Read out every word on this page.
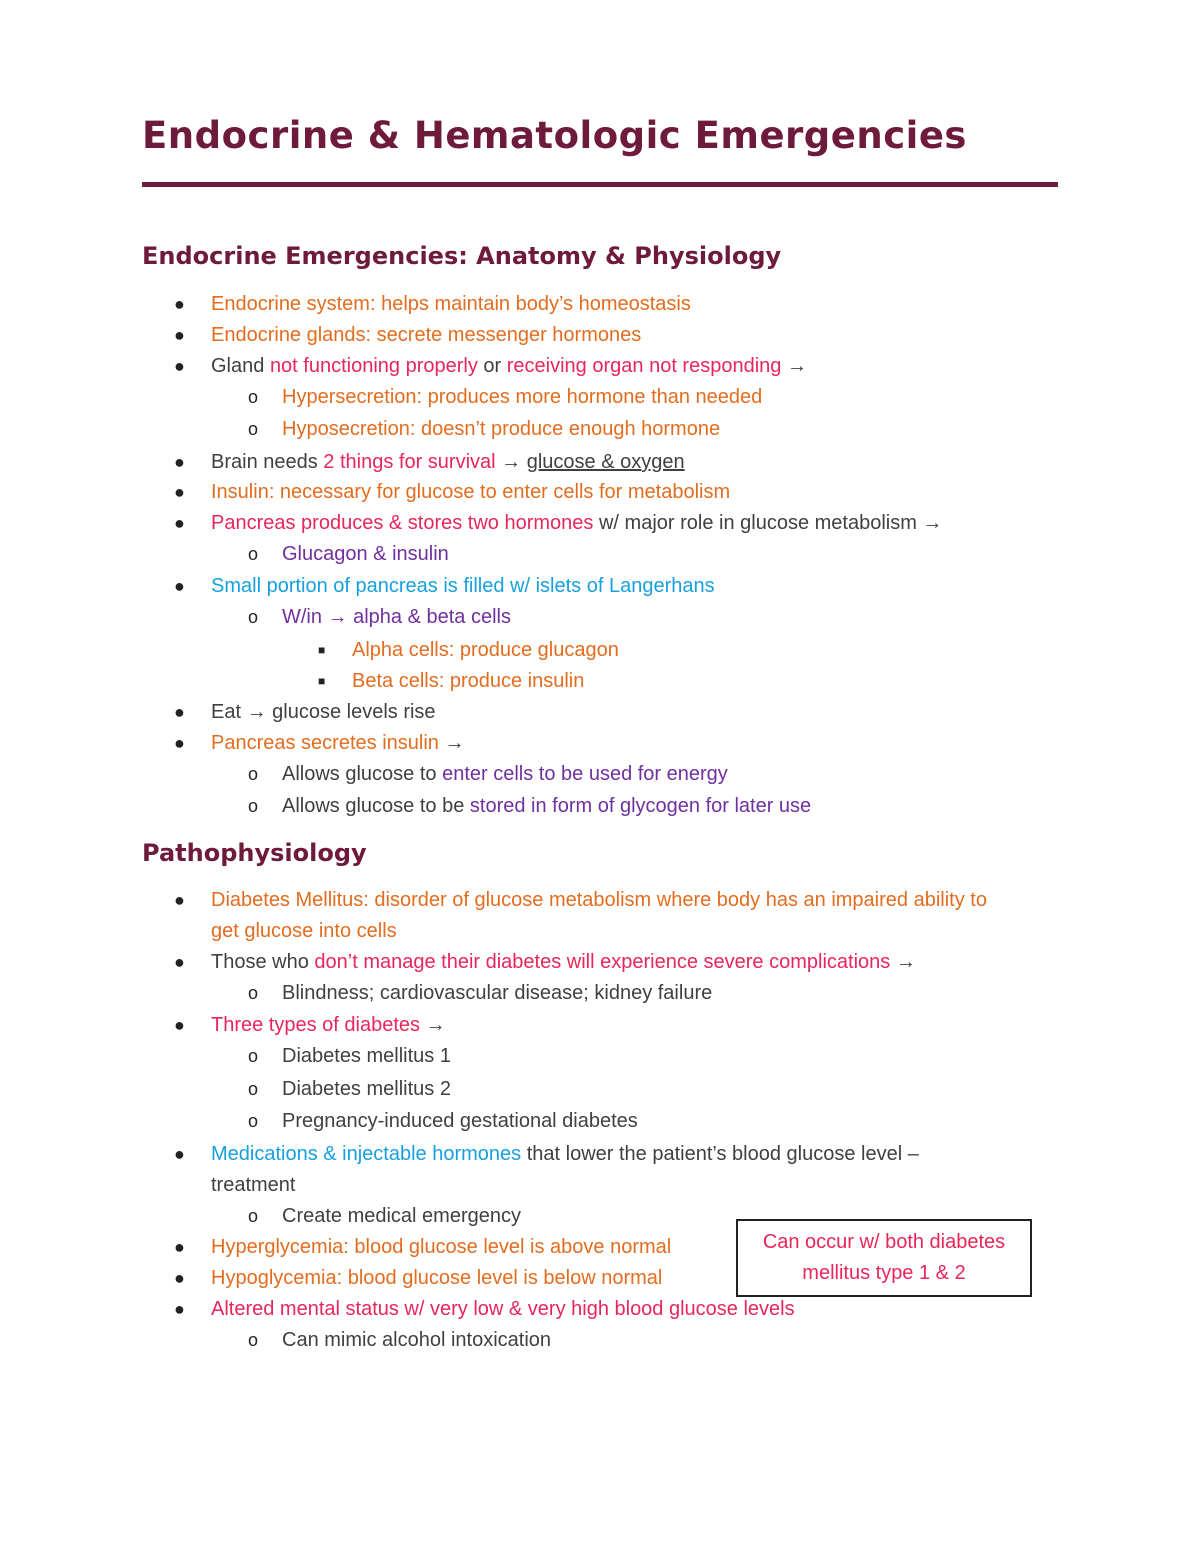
Endocrine & Hematologic Emergencies
Endocrine Emergencies: Anatomy & Physiology
● Endocrine system: helps maintain body’s homeostasis
● Endocrine glands: secrete messenger hormones
● Gland not functioning properly or receiving organ not responding →
o Hypersecretion: produces more hormone than needed
o Hyposecretion: doesn’t produce enough hormone
● Brain needs 2 things for survival → glucose & oxygen
● Insulin: necessary for glucose to enter cells for metabolism
● Pancreas produces & stores two hormones w/ major role in glucose metabolism →
o Glucagon & insulin
● Small portion of pancreas is filled w/ islets of Langerhans
o W/in → alpha & beta cells
■ Alpha cells: produce glucagon
■ Beta cells: produce insulin
● Eat → glucose levels rise
● Pancreas secretes insulin →
o Allows glucose to enter cells to be used for energy
o Allows glucose to be stored in form of glycogen for later use
Pathophysiology
● Diabetes Mellitus: disorder of glucose metabolism where body has an impaired ability to
get glucose into cells
● Those who don’t manage their diabetes will experience severe complications →
o Blindness; cardiovascular disease; kidney failure
● Three types of diabetes →
o Diabetes mellitus 1
o Diabetes mellitus 2
o Pregnancy-induced gestational diabetes
● Medications & injectable hormones that lower the patient’s blood glucose level –
treatment
o Create medical emergency
● Hyperglycemia: blood glucose level is above normal
● Hypoglycemia: blood glucose level is below normal
● Altered mental status w/ very low & very high blood glucose levels
o Can mimic alcohol intoxication
Can occur w/ both diabetes
mellitus type 1 & 2
